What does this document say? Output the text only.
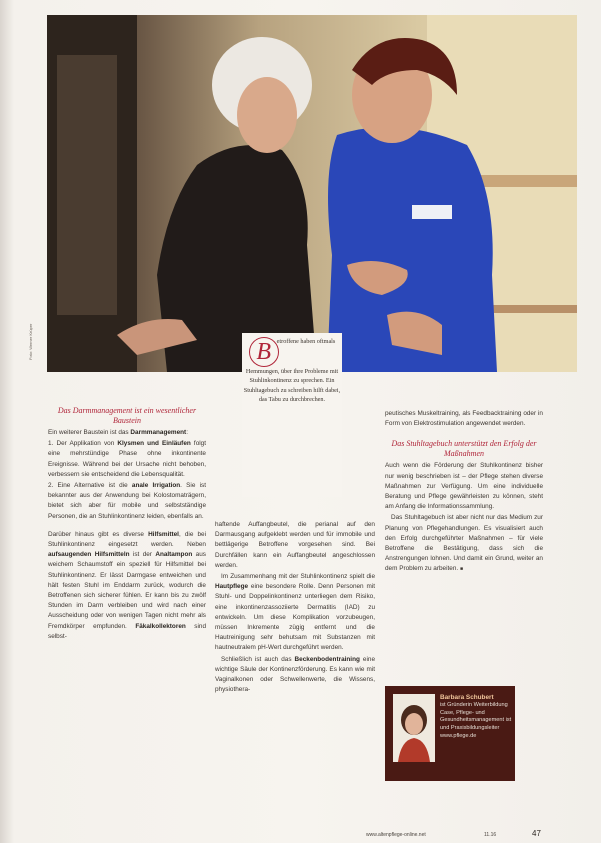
Foto: Werner Krüper	B etroffene haben oftmals Hemmungen, über ihre Probleme mit Stuhlinkontinenz zu sprechen. Ein Stuhltagebuch zu schreiben hilft dabei, das Tabu zu durchbrechen.

Das Darmmanagement ist ein wesentlicher Baustein

Ein weiterer Baustein ist das Darmmanagement:

1. Der Applikation von Klysmen und Einläufen folgt eine mehrstündige Phase ohne inkontinente Ereignisse. Während bei der Ursache nicht behoben, verbessern sie entscheidend die Lebensqualität.

2. Eine Alternative ist die anale Irrigation. Sie ist bekannter aus der Anwendung bei Kolostomaträgern, bietet sich aber für mobile und selbstständige Personen, die an Stuhlinkontinenz leiden, ebenfalls an.

Darüber hinaus gibt es diverse Hilfsmittel, die bei Stuhlinkontinenz eingesetzt werden. Neben aufsaugenden Hilfsmitteln ist der Analtampon aus weichem Schaumstoff ein speziell für Hilfsmittel bei Stuhlinkontinenz. Er lässt Darmgase entweichen und hält festen Stuhl im Enddarm zurück, wodurch die Betroffenen sich sicherer fühlen. Er kann bis zu zwölf Stunden im Darm verbleiben und wird nach einer Ausscheidung oder von wenigen Tagen nicht mehr als Fremdkörper empfunden. Fäkalkollektoren sind selbst-

haftende Auffangbeutel, die perianal auf den Darmausgang aufgeklebt werden und für immobile und bettlägerige Betroffene vorgesehen sind. Bei Durchfällen kann ein Auffangbeutel angeschlossen werden.

Im Zusammenhang mit der Stuhlinkontinenz spielt die Hautpflege eine besondere Rolle. Denn Personen mit Stuhl- und Doppelinkontinenz unterliegen dem Risiko, eine inkontinenzassoziierte Dermatitis (IAD) zu entwickeln. Um diese Komplikation vorzubeugen, müssen Inkremente zügig entfernt und die Hautreinigung sehr behutsam mit Substanzen mit hautneutralem pH-Wert durchgeführt werden.

Schließlich ist auch das Beckenbodentraining eine wichtige Säule der Kontinenzförderung. Es kann wie mit Vaginalkonen oder Schwellenwerte, die Wissens, physiothera-

peutisches Muskeltraining, als Feedbacktraining oder in Form von Elektrostimulation angewendet werden.

Das Stuhltagebuch unterstützt den Erfolg der Maßnahmen

Auch wenn die Förderung der Stuhlkontinenz bisher nur wenig beschrieben ist – der Pflege stehen diverse Maßnahmen zur Verfügung. Um eine individuelle Beratung und Pflege gewährleisten zu können, steht am Anfang die Informationssammlung.

Das Stuhltagebuch ist aber nicht nur das Medium zur Planung von Pflegehandlungen. Es visualisiert auch den Erfolg durchgeführter Maßnahmen – für viele Betroffene die Bestätigung, dass sich die Anstrengungen lohnen. Und damit ein Grund, weiter an dem Problem zu arbeiten. ■

Barbara Schubert
ist Gründerin Weiterbildung Case, Pflege- und Gesundheitsmanagement ist und Praxisbildungsleiter www.pflege.de
www.altenpflege-online.net	11.16	47
